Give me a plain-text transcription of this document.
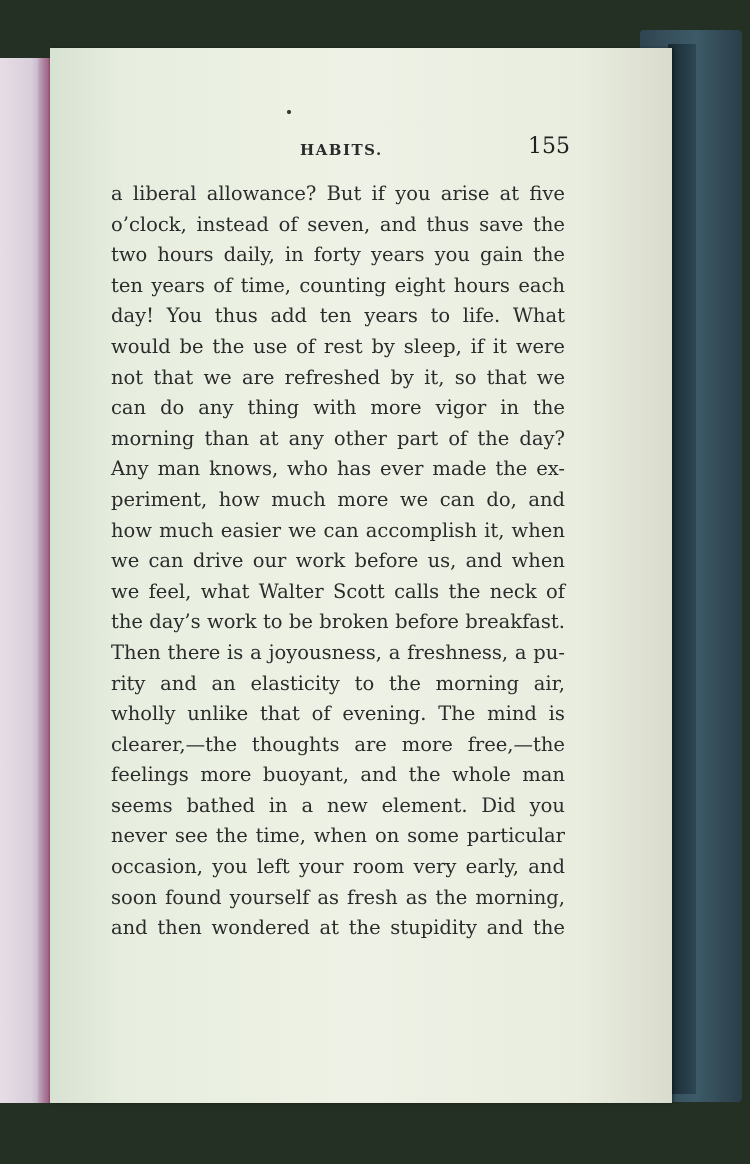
HABITS.	155
a liberal allowance? But if you arise at five
o’clock, instead of seven, and thus save the
two hours daily, in forty years you gain the
ten years of time, counting eight hours each
day! You thus add ten years to life. What
would be the use of rest by sleep, if it were
not that we are refreshed by it, so that we
can do any thing with more vigor in the
morning than at any other part of the day?
Any man knows, who has ever made the ex-
periment, how much more we can do, and
how much easier we can accomplish it, when
we can drive our work before us, and when
we feel, what Walter Scott calls the neck of
the day’s work to be broken before breakfast.
Then there is a joyousness, a freshness, a pu-
rity and an elasticity to the morning air,
wholly unlike that of evening. The mind is
clearer,—the thoughts are more free,—the
feelings more buoyant, and the whole man
seems bathed in a new element. Did you
never see the time, when on some particular
occasion, you left your room very early, and
soon found yourself as fresh as the morning,
and then wondered at the stupidity and the
